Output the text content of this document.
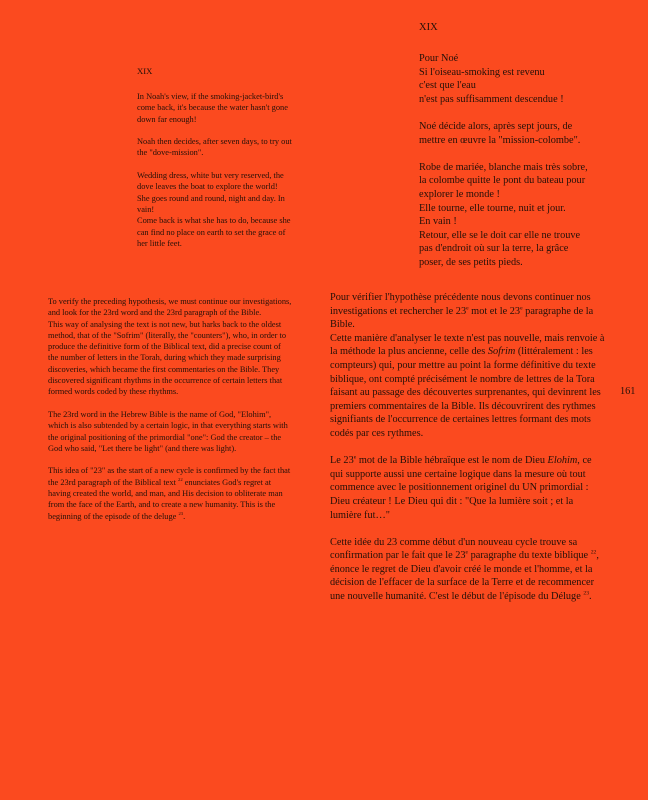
XIX

In Noah's view, if the smoking-jacket-bird's come back, it's because the water hasn't gone down far enough!

Noah then decides, after seven days, to try out the "dove-mission".

Wedding dress, white but very reserved, the dove leaves the boat to explore the world!
She goes round and round, night and day. In vain!
Come back is what she has to do, because she can find no place on earth to set the grace of her little feet.

To verify the preceding hypothesis, we must continue our investigations, and look for the 23rd word and the 23rd paragraph of the Bible.
This way of analysing the text is not new, but harks back to the oldest method, that of the "Sofrim" (literally, the "counters"), who, in order to produce the definitive form of the Biblical text, did a precise count of the number of letters in the Torah, during which they made surprising discoveries, which became the first commentaries on the Bible. They discovered significant rhythms in the occurrence of certain letters that formed words coded by these rhythms.

The 23rd word in the Hebrew Bible is the name of God, "Elohim", which is also subtended by a certain logic, in that everything starts with the original positioning of the primordial "one": God the creator – the God who said, "Let there be light" (and there was light).

This idea of "23" as the start of a new cycle is confirmed by the fact that the 23rd paragraph of the Biblical text $^{22}$ enunciates God's regret at having created the world, and man, and His decision to obliterate man from the face of the Earth, and to create a new humanity. This is the beginning of the episode of the deluge $^{23}$.

XIX

Pour Noé
Si l'oiseau-smoking est revenu
c'est que l'eau
n'est pas suffisamment descendue !

Noé décide alors, après sept jours, de mettre en œuvre la "mission-colombe".

Robe de mariée, blanche mais très sobre, la colombe quitte le pont du bateau pour explorer le monde !
Elle tourne, elle tourne, nuit et jour.
En vain !
Retour, elle se le doit car elle ne trouve pas d'endroit où sur la terre, la grâce poser, de ses petits pieds.

Pour vérifier l'hypothèse précédente nous devons continuer nos investigations et rechercher le 23e mot et le 23e paragraphe de la Bible.
Cette manière d'analyser le texte n'est pas nouvelle, mais renvoie à la méthode la plus ancienne, celle des Sofrim (littéralement : les compteurs) qui, pour mettre au point la forme définitive du texte biblique, ont compté précisément le nombre de lettres de la Tora faisant au passage des découvertes surprenantes, qui devinrent les premiers commentaires de la Bible. Ils découvrirent des rythmes signifiants de l'occurrence de certaines lettres formant des mots codés par ces rythmes.

Le 23e mot de la Bible hébraïque est le nom de Dieu Elohim, ce qui supporte aussi une certaine logique dans la mesure où tout commence avec le positionnement originel du UN primordial : Dieu créateur ! Le Dieu qui dit : "Que la lumière soit ; et la lumière fut…"

Cette idée du 23 comme début d'un nouveau cycle trouve sa confirmation par le fait que le 23e paragraphe du texte biblique $^{22}$, énonce le regret de Dieu d'avoir créé le monde et l'homme, et la décision de l'effacer de la surface de la Terre et de recommencer une nouvelle humanité. C'est le début de l'épisode du Déluge $^{23}$.

161
